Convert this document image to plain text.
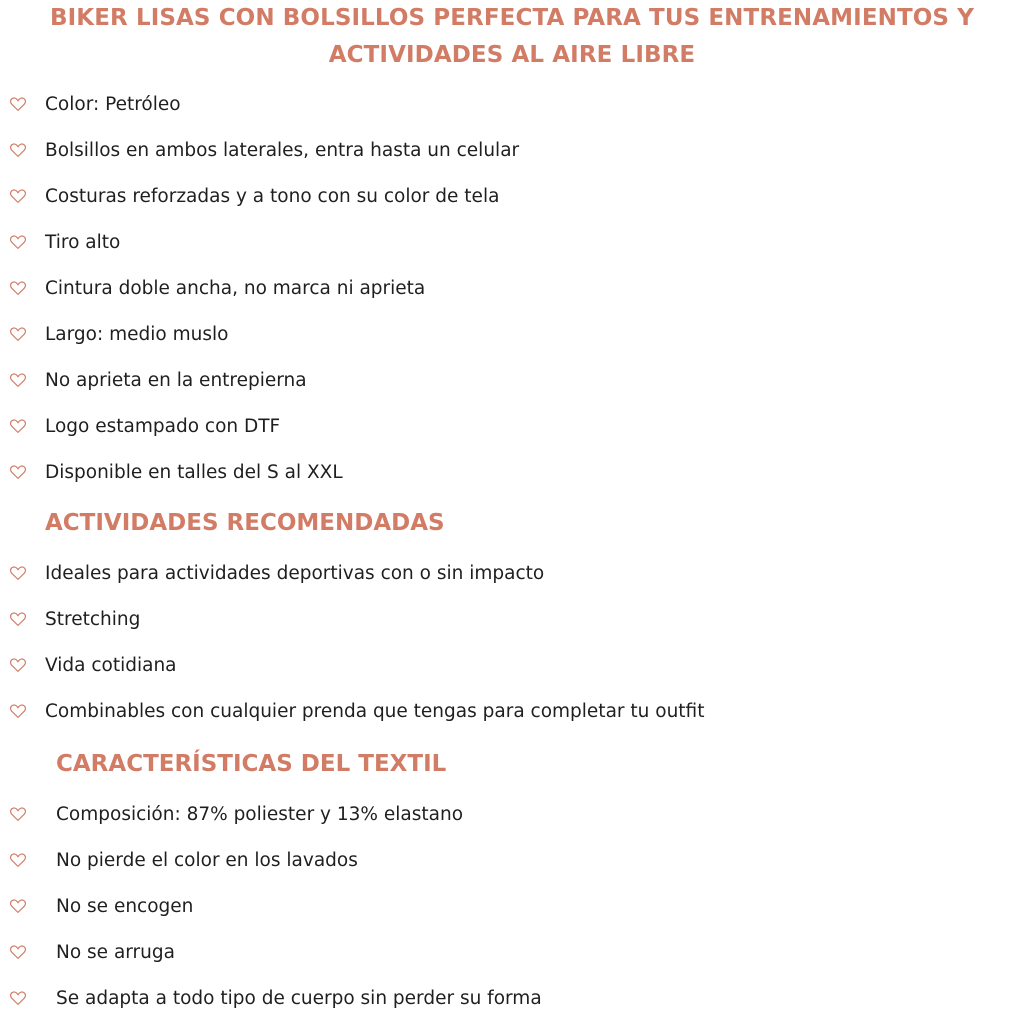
BIKER LISAS CON BOLSILLOS PERFECTA PARA TUS ENTRENAMIENTOS Y
ACTIVIDADES AL AIRE LIBRE
Color: Petróleo
Bolsillos en ambos laterales, entra hasta un celular
Costuras reforzadas y a tono con su color de tela
Tiro alto
Cintura doble ancha, no marca ni aprieta
Largo: medio muslo
No aprieta en la entrepierna
Logo estampado con DTF
Disponible en talles del S al XXL
ACTIVIDADES RECOMENDADAS
Ideales para actividades deportivas con o sin impacto
Stretching
Vida cotidiana
Combinables con cualquier prenda que tengas para completar tu outfit
CARACTERÍSTICAS DEL TEXTIL
Composición: 87% poliester y 13% elastano
No pierde el color en los lavados
No se encogen
No se arruga
Se adapta a todo tipo de cuerpo sin perder su forma
